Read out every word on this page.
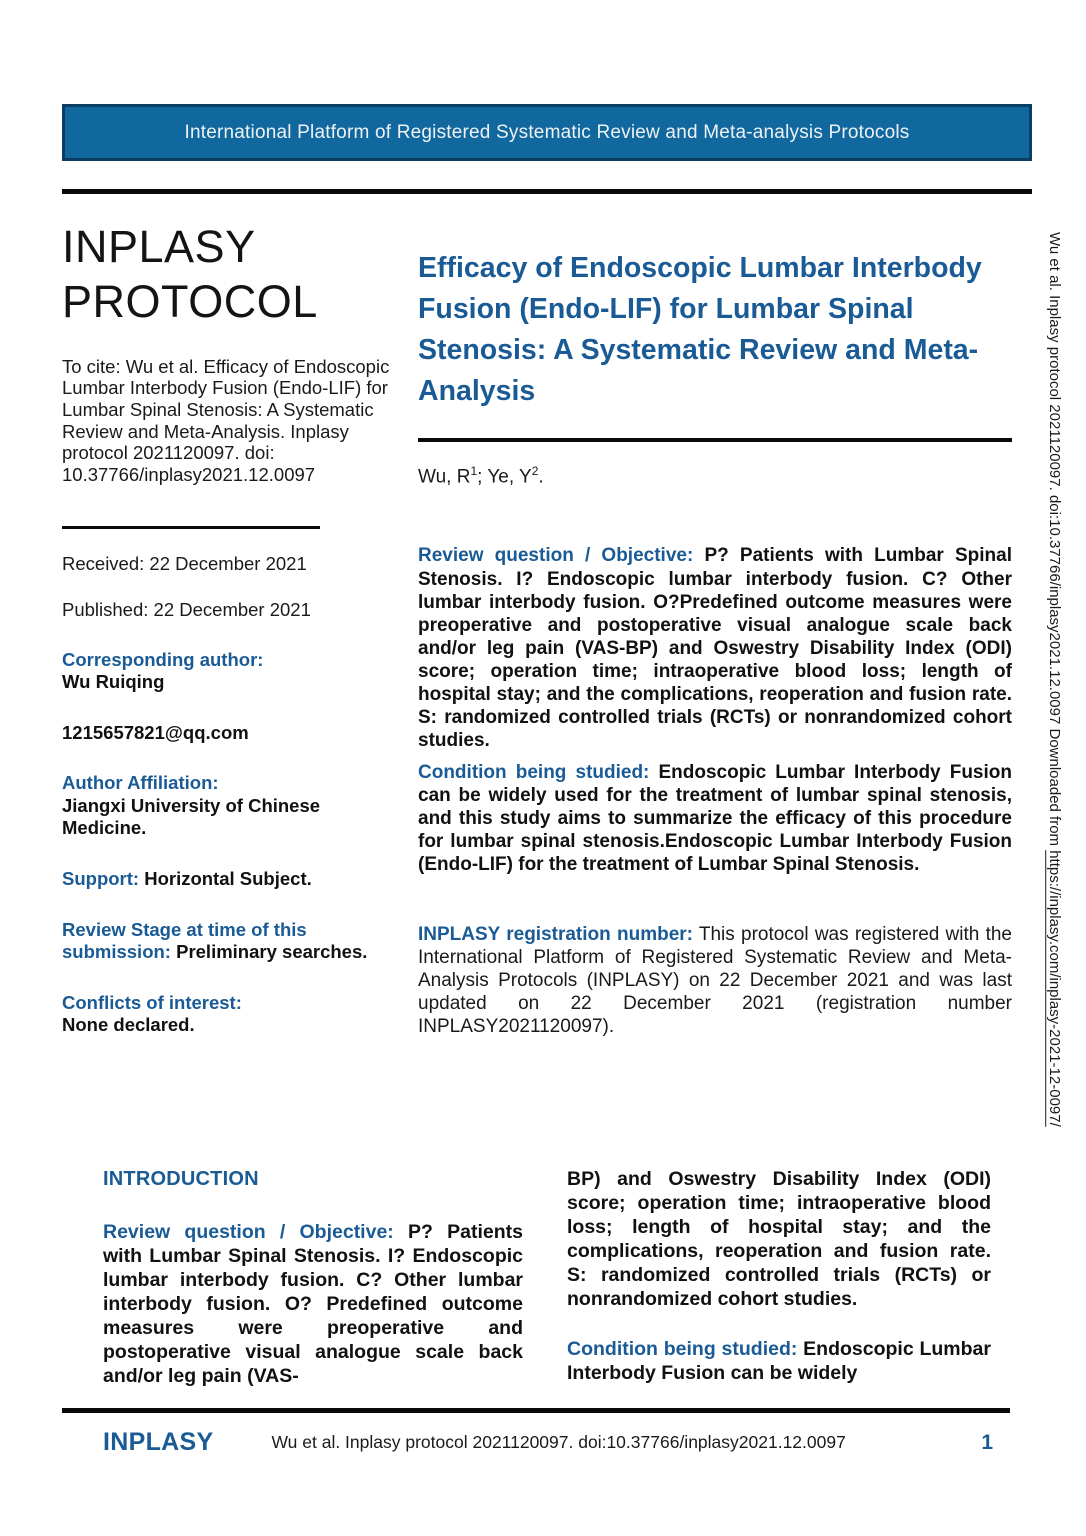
International Platform of Registered Systematic Review and Meta-analysis Protocols
INPLASY
PROTOCOL

To cite: Wu et al. Efficacy of Endoscopic Lumbar Interbody Fusion (Endo-LIF) for Lumbar Spinal Stenosis: A Systematic Review and Meta-Analysis. Inplasy protocol 2021120097. doi: 10.37766/inplasy2021.12.0097

Received: 22 December 2021
Published: 22 December 2021
Corresponding author:
Wu Ruiqing
1215657821@qq.com
Author Affiliation:
Jiangxi University of Chinese Medicine.
Support: Horizontal Subject.
Review Stage at time of this submission: Preliminary searches.
Conflicts of interest:
None declared.
Efficacy of Endoscopic Lumbar Interbody Fusion (Endo-LIF) for Lumbar Spinal Stenosis: A Systematic Review and Meta-Analysis
Wu, $R^1$; Ye, $Y^2$.

Review question / Objective: P? Patients with Lumbar Spinal Stenosis. I? Endoscopic lumbar interbody fusion. C? Other lumbar interbody fusion. O?Predefined outcome measures were preoperative and postoperative visual analogue scale back and/or leg pain (VAS-BP) and Oswestry Disability Index (ODI) score; operation time; intraoperative blood loss; length of hospital stay; and the complications, reoperation and fusion rate. S: randomized controlled trials (RCTs) or nonrandomized cohort studies.

Condition being studied: Endoscopic Lumbar Interbody Fusion can be widely used for the treatment of lumbar spinal stenosis, and this study aims to summarize the efficacy of this procedure for lumbar spinal stenosis.Endoscopic Lumbar Interbody Fusion (Endo-LIF) for the treatment of Lumbar Spinal Stenosis.

INPLASY registration number: This protocol was registered with the International Platform of Registered Systematic Review and Meta-Analysis Protocols (INPLASY) on 22 December 2021 and was last updated on 22 December 2021 (registration number INPLASY2021120097).

INTRODUCTION

Review question / Objective: P? Patients with Lumbar Spinal Stenosis. I? Endoscopic lumbar interbody fusion. C? Other lumbar interbody fusion. O? Predefined outcome measures were preoperative and postoperative visual analogue scale back and/or leg pain (VAS-

BP) and Oswestry Disability Index (ODI) score; operation time; intraoperative blood loss; length of hospital stay; and the complications, reoperation and fusion rate. S: randomized controlled trials (RCTs) or nonrandomized cohort studies.

Condition being studied: Endoscopic Lumbar Interbody Fusion can be widely

INPLASY	Wu et al. Inplasy protocol 2021120097. doi:10.37766/inplasy2021.12.0097	1
Wu et al. Inplasy protocol 2021120097. doi:10.37766/inplasy2021.12.0097 Downloaded from https://inplasy.com/inplasy-2021-12-0097/
